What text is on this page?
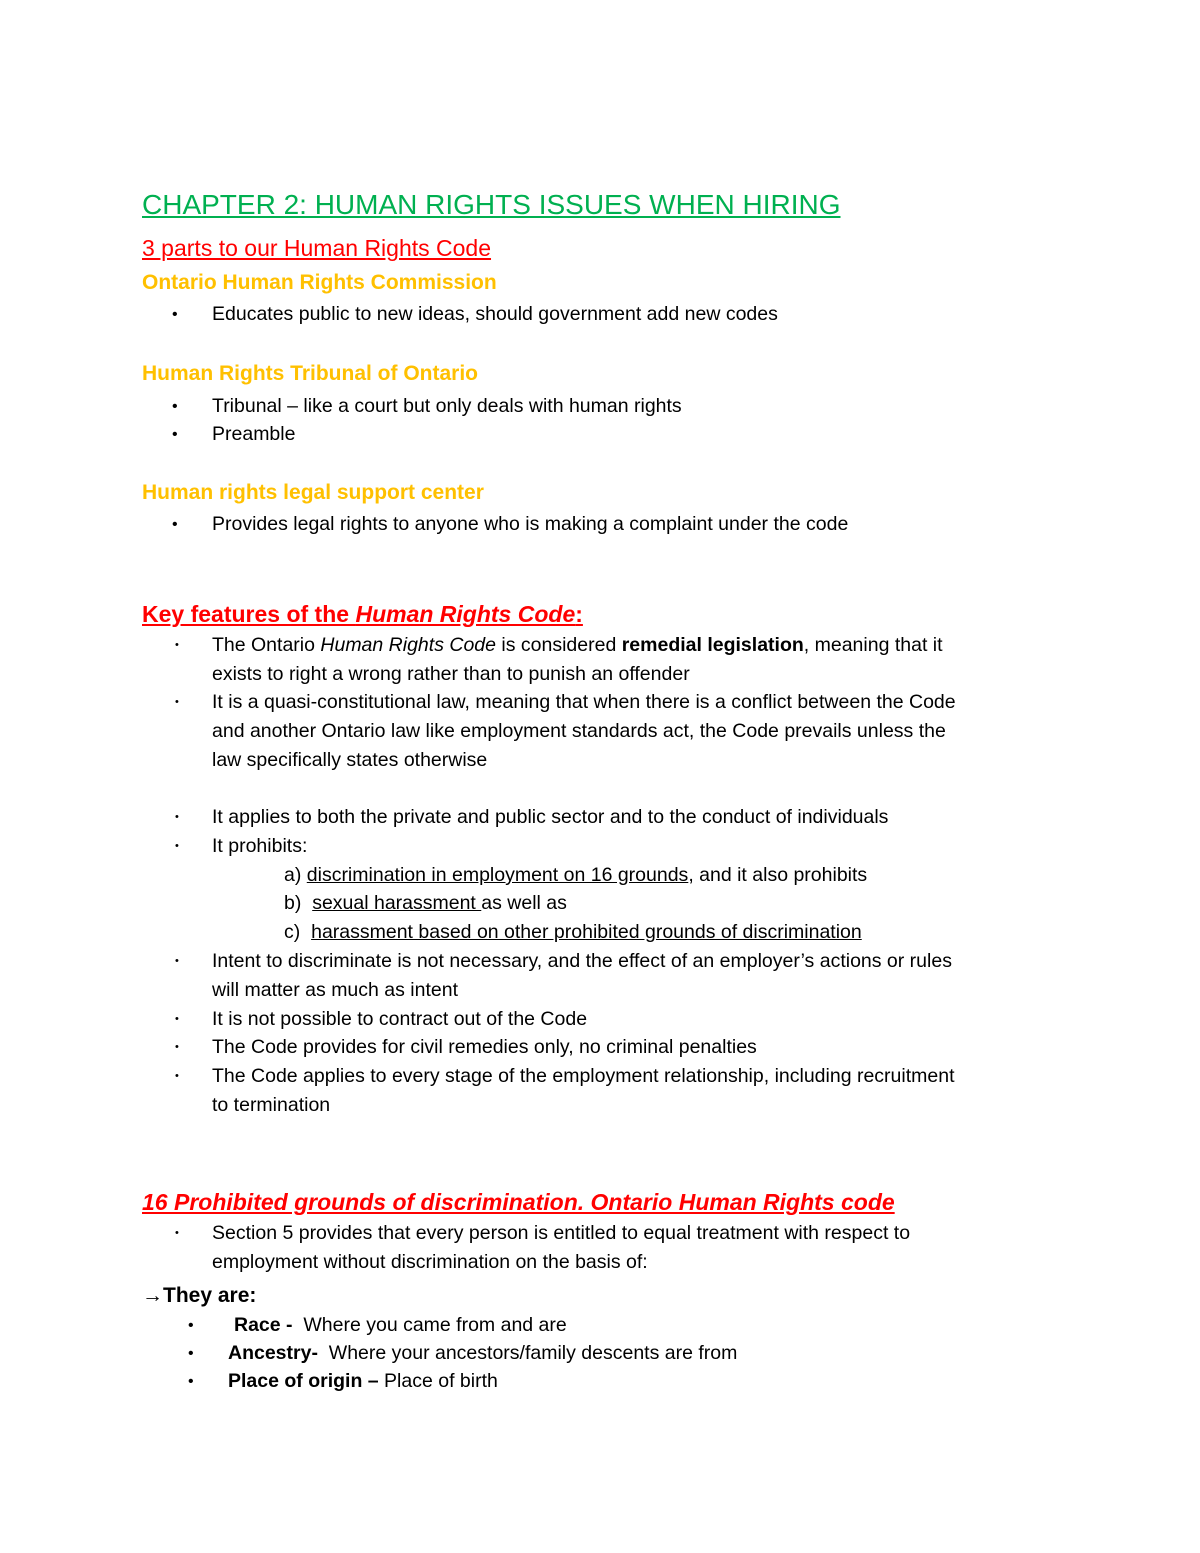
CHAPTER 2: HUMAN RIGHTS ISSUES WHEN HIRING
3 parts to our Human Rights Code
Ontario Human Rights Commission
• Educates public to new ideas, should government add new codes
Human Rights Tribunal of Ontario
• Tribunal – like a court but only deals with human rights
• Preamble
Human rights legal support center
• Provides legal rights to anyone who is making a complaint under the code
Key features of the Human Rights Code:
• The Ontario Human Rights Code is considered remedial legislation, meaning that it
exists to right a wrong rather than to punish an offender
• It is a quasi-constitutional law, meaning that when there is a conflict between the Code
and another Ontario law like employment standards act, the Code prevails unless the
law specifically states otherwise
• It applies to both the private and public sector and to the conduct of individuals
• It prohibits:
a) discrimination in employment on 16 grounds, and it also prohibits
b) sexual harassment as well as
c) harassment based on other prohibited grounds of discrimination
• Intent to discriminate is not necessary, and the effect of an employer’s actions or rules
will matter as much as intent
• It is not possible to contract out of the Code
• The Code provides for civil remedies only, no criminal penalties
• The Code applies to every stage of the employment relationship, including recruitment
to termination
16 Prohibited grounds of discrimination. Ontario Human Rights code
• Section 5 provides that every person is entitled to equal treatment with respect to
employment without discrimination on the basis of:
→They are:
• Race -  Where you came from and are
• Ancestry-  Where your ancestors/family descents are from
• Place of origin – Place of birth
